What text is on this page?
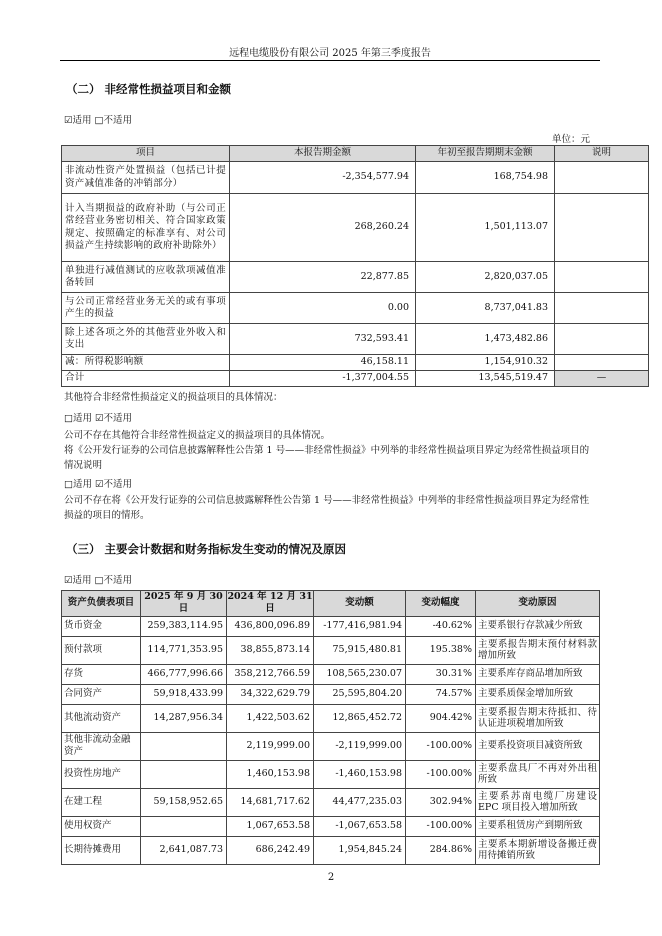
远程电缆股份有限公司 2025 年第三季度报告
（二） 非经常性损益项目和金额
☑适用 □不适用
单位：元
项目	本报告期金额	年初至报告期期末金额	说明
非流动性资产处置损益（包括已计提资产减值准备的冲销部分）	-2,354,577.94	168,754.98	
计入当期损益的政府补助（与公司正常经营业务密切相关、符合国家政策规定、按照确定的标准享有、对公司损益产生持续影响的政府补助除外）	268,260.24	1,501,113.07	
单独进行减值测试的应收款项减值准备转回	22,877.85	2,820,037.05	
与公司正常经营业务无关的或有事项产生的损益	0.00	8,737,041.83	
除上述各项之外的其他营业外收入和支出	732,593.41	1,473,482.86	
减：所得税影响额	46,158.11	1,154,910.32	
合计	-1,377,004.55	13,545,519.47	—
其他符合非经常性损益定义的损益项目的具体情况：
□适用 ☑不适用
公司不存在其他符合非经常性损益定义的损益项目的具体情况。
将《公开发行证券的公司信息披露解释性公告第 1 号——非经常性损益》中列举的非经常性损益项目界定为经常性损益项目的情况说明
□适用 ☑不适用
公司不存在将《公开发行证券的公司信息披露解释性公告第 1 号——非经常性损益》中列举的非经常性损益项目界定为经常性损益的项目的情形。
（三） 主要会计数据和财务指标发生变动的情况及原因
☑适用 □不适用
资产负债表项目	2025 年 9 月 30 日	2024 年 12 月 31 日	变动额	变动幅度	变动原因
货币资金	259,383,114.95	436,800,096.89	-177,416,981.94	-40.62%	主要系银行存款减少所致
预付款项	114,771,353.95	38,855,873.14	75,915,480.81	195.38%	主要系报告期末预付材料款增加所致
存货	466,777,996.66	358,212,766.59	108,565,230.07	30.31%	主要系库存商品增加所致
合同资产	59,918,433.99	34,322,629.79	25,595,804.20	74.57%	主要系质保金增加所致
其他流动资产	14,287,956.34	1,422,503.62	12,865,452.72	904.42%	主要系报告期末待抵扣、待认证进项税增加所致
其他非流动金融资产		2,119,999.00	-2,119,999.00	-100.00%	主要系投资项目减资所致
投资性房地产		1,460,153.98	-1,460,153.98	-100.00%	主要系盘具厂不再对外出租所致
在建工程	59,158,952.65	14,681,717.62	44,477,235.03	302.94%	主要系苏南电缆厂房建设 EPC 项目投入增加所致
使用权资产		1,067,653.58	-1,067,653.58	-100.00%	主要系租赁房产到期所致
长期待摊费用	2,641,087.73	686,242.49	1,954,845.24	284.86%	主要系本期新增设备搬迁费用待摊销所致
2
